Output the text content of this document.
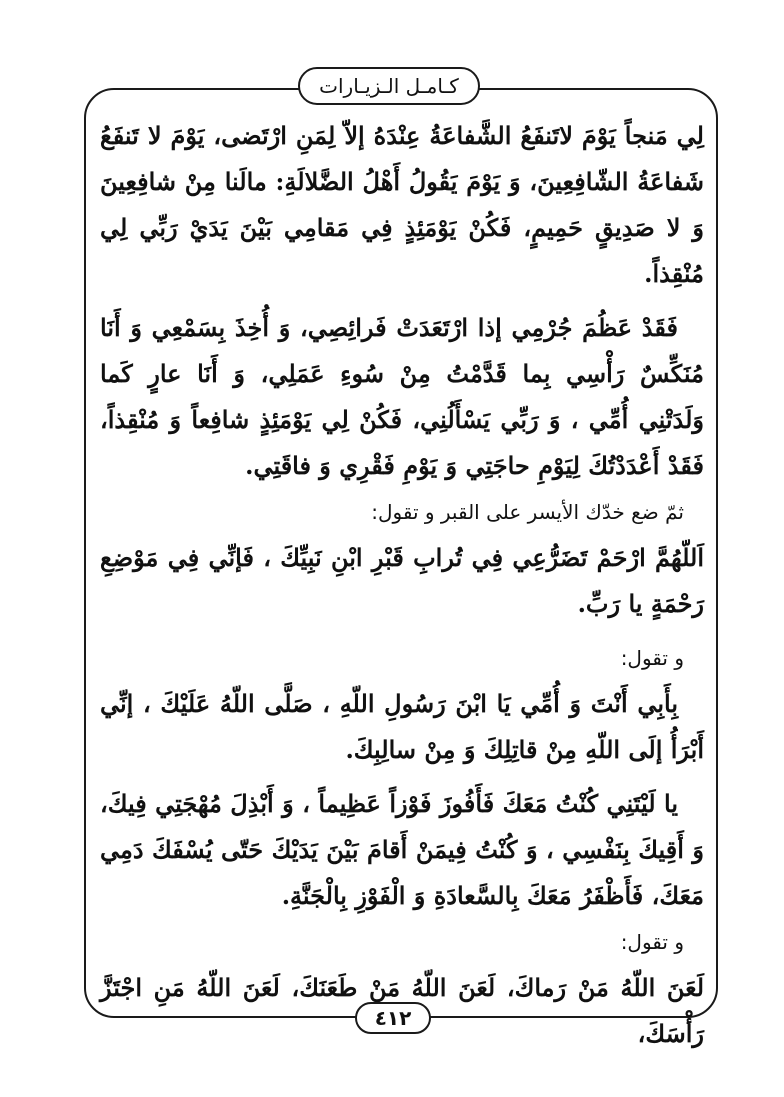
كـامـل الـزيـارات

لِي مَنجاً يَوْمَ لاتَنفَعُ الشَّفاعَةُ عِنْدَهُ إلاّ لِمَنِ ارْتَضى، يَوْمَ لا تَنفَعُ شَفاعَةُ الشّافِعِينَ، وَ يَوْمَ يَقُولُ أَهْلُ الضَّلالَةِ: مالَنا مِنْ شافِعِينَ وَ لا صَدِيقٍ حَمِيمٍ، فَكُنْ يَوْمَئِذٍ فِي مَقامِي بَيْنَ يَدَيْ رَبِّي لِي مُنْقِذاً.

فَقَدْ عَظُمَ جُرْمِي إذا ارْتَعَدَتْ فَرائِصِي، وَ أُخِذَ بِسَمْعِي وَ أَنَا مُنَكِّسٌ رَأْسِي بِما قَدَّمْتُ مِنْ سُوءِ عَمَلِي، وَ أَنَا عارٍ كَما وَلَدَتْنِي أُمِّي ، وَ رَبِّي يَسْأَلُنِي، فَكُنْ لِي يَوْمَئِذٍ شافِعاً وَ مُنْقِذاً، فَقَدْ أَعْدَدْتُكَ لِيَوْمِ حاجَتِي وَ يَوْمِ فَقْرِي وَ فاقَتِي.

ثمّ ضع خدّك الأيسر على القبر و تقول:

اَللّهُمَّ ارْحَمْ تَضَرُّعِي فِي تُرابِ قَبْرِ ابْنِ نَبِيِّكَ ، فَإنِّي فِي مَوْضِعِ رَحْمَةٍ يا رَبِّ.

و تقول:

بِأَبِي أَنْتَ وَ أُمِّي يَا ابْنَ رَسُولِ اللّهِ ، صَلَّى اللّهُ عَلَيْكَ ، إنِّي أَبْرَأُ إلَى اللّهِ مِنْ قاتِلِكَ وَ مِنْ سالِبِكَ.

يا لَيْتَنِي كُنْتُ مَعَكَ فَأَفُوزَ فَوْزاً عَظِيماً ، وَ أَبْذِلَ مُهْجَتِي فِيكَ، وَ أَقِيكَ بِنَفْسِي ، وَ كُنْتُ فِيمَنْ أَقامَ بَيْنَ يَدَيْكَ حَتّى يُسْفَكَ دَمِي مَعَكَ، فَأَظْفَرُ مَعَكَ بِالسَّعادَةِ وَ الْفَوْزِ بِالْجَنَّةِ.

و تقول:

لَعَنَ اللّهُ مَنْ رَماكَ، لَعَنَ اللّهُ مَنْ طَعَنَكَ، لَعَنَ اللّهُ مَنِ اجْتَزَّ رَأْسَكَ،

٤١٢
